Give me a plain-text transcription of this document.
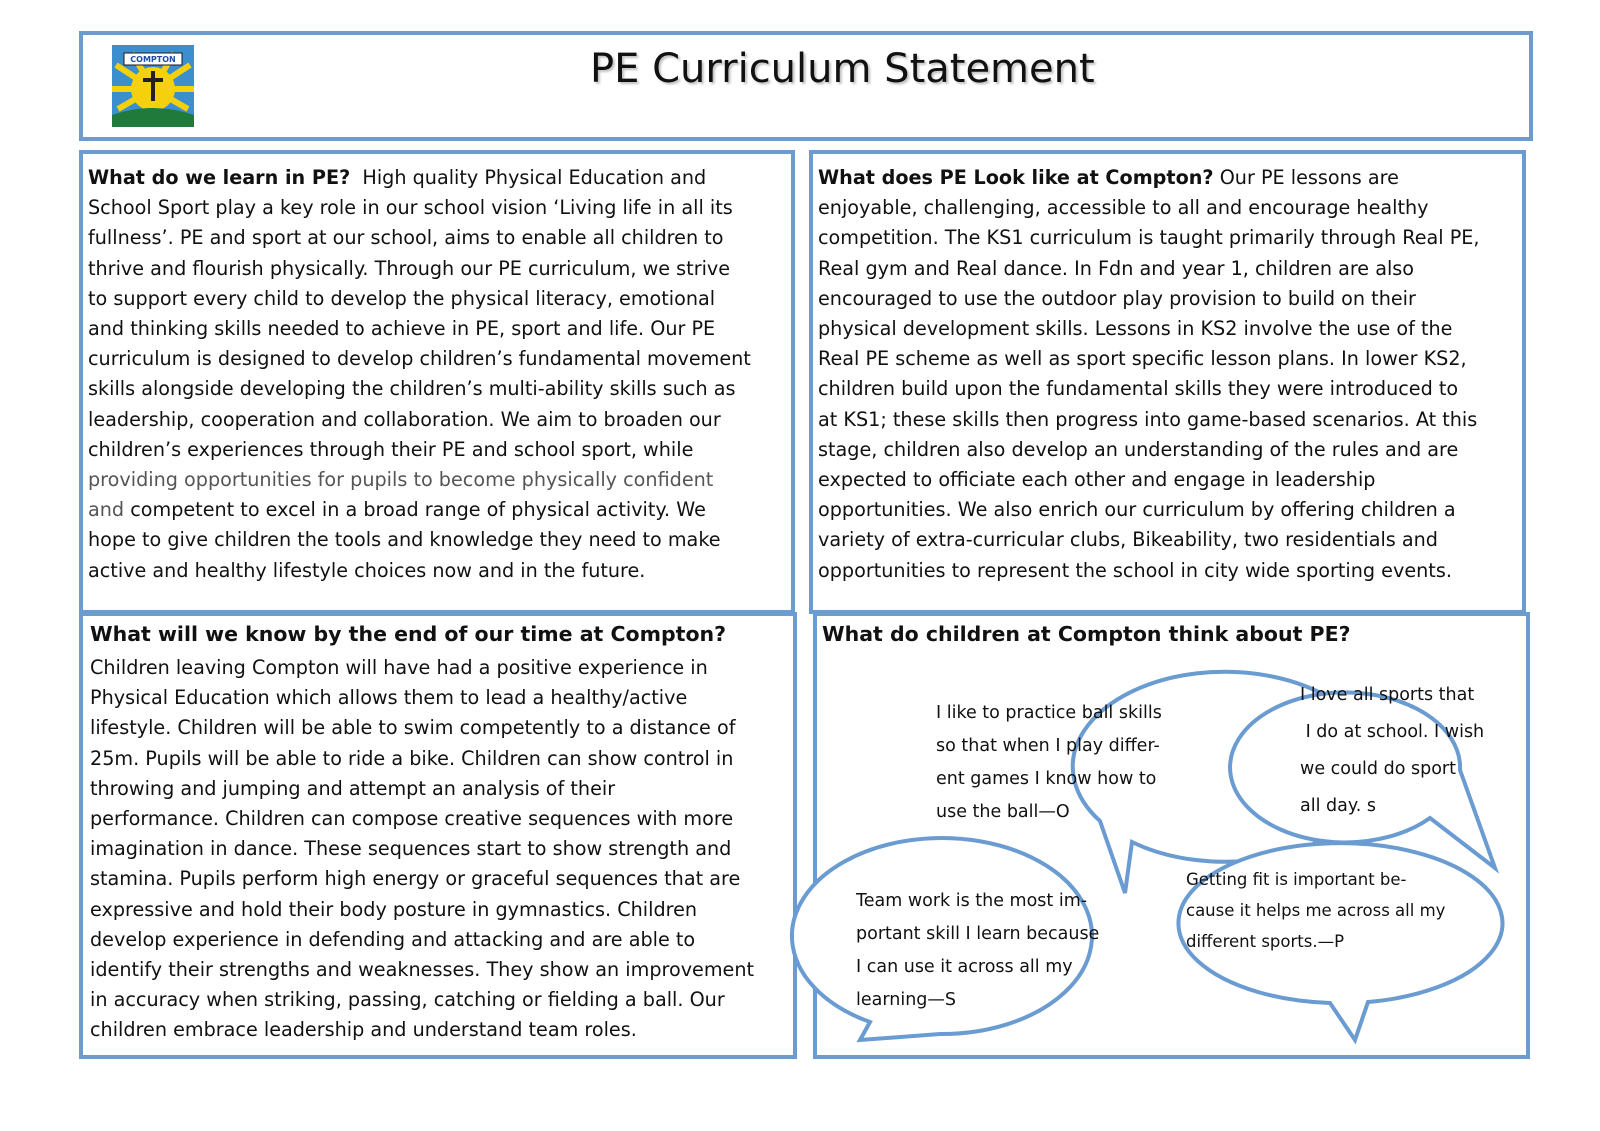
COMPTON	PE Curriculum Statement
What do we learn in PE? High quality Physical Education and
School Sport play a key role in our school vision ‘Living life in all its
fullness’. PE and sport at our school, aims to enable all children to
thrive and flourish physically. Through our PE curriculum, we strive
to support every child to develop the physical literacy, emotional
and thinking skills needed to achieve in PE, sport and life. Our PE
curriculum is designed to develop children’s fundamental movement
skills alongside developing the children’s multi-ability skills such as
leadership, cooperation and collaboration. We aim to broaden our
children’s experiences through their PE and school sport, while
providing opportunities for pupils to become physically confident
and competent to excel in a broad range of physical activity. We
hope to give children the tools and knowledge they need to make
active and healthy lifestyle choices now and in the future.
What does PE Look like at Compton? Our PE lessons are
enjoyable, challenging, accessible to all and encourage healthy
competition. The KS1 curriculum is taught primarily through Real PE,
Real gym and Real dance. In Fdn and year 1, children are also
encouraged to use the outdoor play provision to build on their
physical development skills. Lessons in KS2 involve the use of the
Real PE scheme as well as sport specific lesson plans. In lower KS2,
children build upon the fundamental skills they were introduced to
at KS1; these skills then progress into game-based scenarios. At this
stage, children also develop an understanding of the rules and are
expected to officiate each other and engage in leadership
opportunities. We also enrich our curriculum by offering children a
variety of extra-curricular clubs, Bikeability, two residentials and
opportunities to represent the school in city wide sporting events.
What will we know by the end of our time at Compton?
Children leaving Compton will have had a positive experience in
Physical Education which allows them to lead a healthy/active
lifestyle. Children will be able to swim competently to a distance of
25m. Pupils will be able to ride a bike. Children can show control in
throwing and jumping and attempt an analysis of their
performance. Children can compose creative sequences with more
imagination in dance. These sequences start to show strength and
stamina. Pupils perform high energy or graceful sequences that are
expressive and hold their body posture in gymnastics. Children
develop experience in defending and attacking and are able to
identify their strengths and weaknesses. They show an improvement
in accuracy when striking, passing, catching or fielding a ball. Our
children embrace leadership and understand team roles.
What do children at Compton think about PE?
I like to practice ball skills
so that when I play differ-
ent games I know how to
use the ball—O
I love all sports that
I do at school. I wish
we could do sport
all day. s
Team work is the most im-
portant skill I learn because
I can use it across all my
learning—S
Getting fit is important be-
cause it helps me across all my
different sports.—P
